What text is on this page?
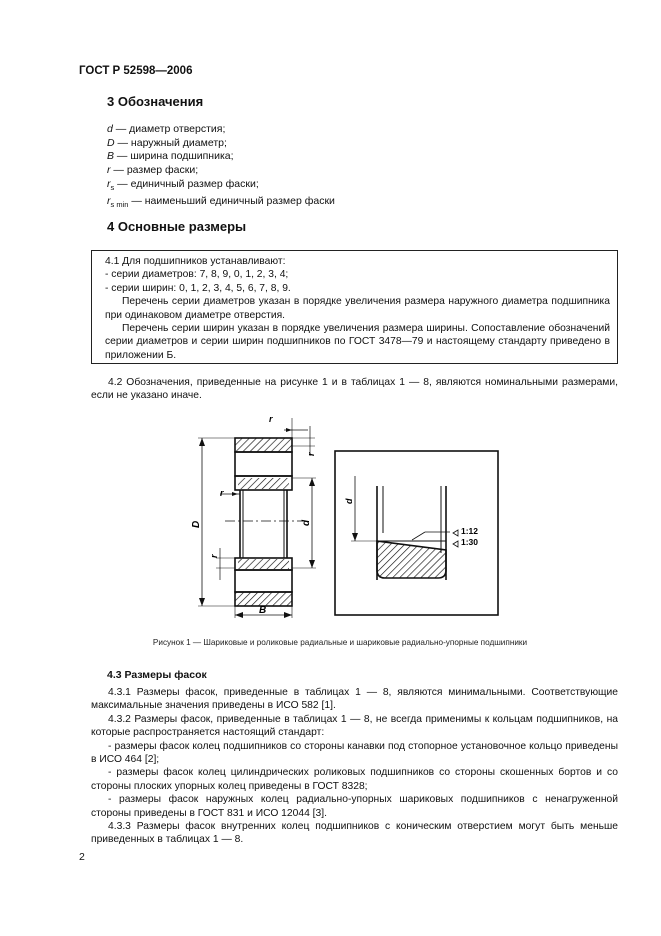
ГОСТ Р 52598—2006
3 Обозначения
d — диаметр отверстия;
D — наружный диаметр;
B — ширина подшипника;
r — размер фаски;
$r_s$ — единичный размер фаски;
$r_{s min}$ — наименьший единичный размер фаски
4 Основные размеры

4.1 Для подшипников устанавливают:

- серии диаметров: 7, 8, 9, 0, 1, 2, 3, 4;

- серии ширин: 0, 1, 2, 3, 4, 5, 6, 7, 8, 9.

Перечень серии диаметров указан в порядке увеличения размера наружного диаметра подшипника при одинаковом диаметре отверстия.

Перечень серии ширин указан в порядке увеличения размера ширины. Сопоставление обозначений серии диаметров и серии ширин подшипников по ГОСТ 3478—79 и настоящему стандарту приведено в приложении Б.

4.2 Обозначения, приведенные на рисунке 1 и в таблицах 1 — 8, являются номинальными размерами, если не указано иначе.

D	d
B
r
r
r
r
d
1:12
1:30
Рисунок 1 — Шариковые и роликовые радиальные и шариковые радиально-упорные подшипники
4.3 Размеры фасок

4.3.1 Размеры фасок, приведенные в таблицах 1 — 8, являются минимальными. Соответствующие максимальные значения приведены в ИСО 582 [1].

4.3.2 Размеры фасок, приведенные в таблицах 1 — 8, не всегда применимы к кольцам подшипников, на которые распространяется настоящий стандарт:

- размеры фасок колец подшипников со стороны канавки под стопорное установочное кольцо приведены в ИСО 464 [2];

- размеры фасок колец цилиндрических роликовых подшипников со стороны скошенных бортов и со стороны плоских упорных колец приведены в ГОСТ 8328;

- размеры фасок наружных колец радиально-упорных шариковых подшипников с ненагруженной стороны приведены в ГОСТ 831 и ИСО 12044 [3].

4.3.3 Размеры фасок внутренних колец подшипников с коническим отверстием могут быть меньше приведенных в таблицах 1 — 8.

2
